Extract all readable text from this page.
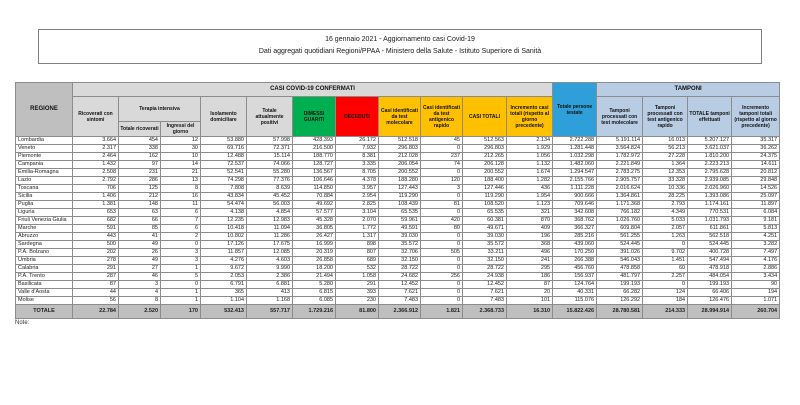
16 gennaio 2021 - Aggiornamento casi Covid-19
Dati aggregati quotidiani Regioni/PPAA - Ministero della Salute - Istituto Superiore di Sanità
REGIONE	CASI COVID-19 CONFERMATI											Totale persone testate	TAMPONI			
	Ricoverati con sintomi	Terapia intensiva		Isolamento domiciliare	Totale attualmente positivi	DIMESSI GUARITI	DECEDUTI	Casi identificati da test molecolare	Casi identificati da test antigenico rapido	CASI TOTALI	Incremento casi totali (rispetto al giorno precedente)		Tamponi processati con test molecolare	Tamponi processati con test antigenico rapido	TOTALE tamponi effettuati	Incremento tamponi totali (rispetto al giorno precedente)
		Totale ricoverati	Ingressi del giorno													
Lombardia	3.664	454	12	53.880	57.998	428.393	26.172	512.518	45	512.563	2.134	2.722.288	5.191.114	16.013	5.207.127	35.317
Veneto	2.317	338	30	69.716	72.371	216.500	7.932	296.803	0	296.803	1.929	1.281.448	3.564.824	56.213	3.621.037	36.262
Piemonte	2.464	162	10	12.488	15.114	188.770	8.381	212.028	237	212.265	1.056	1.032.298	1.782.972	27.228	1.810.200	24.375
Campania	1.432	97	14	72.537	74.066	128.727	3.335	206.054	74	206.128	1.132	1.482.060	2.221.849	1.364	2.223.213	14.611
Emilia-Romagna	2.508	231	21	52.541	55.280	136.567	8.705	200.552	0	200.552	1.674	1.294.547	2.783.275	12.353	2.795.628	20.812
Lazio	2.792	286	13	74.298	77.376	106.646	4.378	188.280	120	188.400	1.282	2.155.766	2.905.757	33.328	2.939.085	29.848
Toscana	706	125	8	7.808	8.639	114.850	3.957	127.443	3	127.446	436	1.111.228	2.016.624	10.336	2.026.960	14.526
Sicilia	1.406	212	16	43.834	45.452	70.884	2.954	119.290	0	119.290	1.954	900.666	1.364.861	28.225	1.393.086	25.097
Puglia	1.381	148	11	54.474	56.003	49.692	2.825	108.439	81	108.520	1.123	709.646	1.171.368	2.793	1.174.161	11.897
Liguria	653	63	6	4.138	4.854	57.577	3.104	65.535	0	65.535	321	342.608	766.182	4.349	770.531	6.084
Friuli Venezia Giulia	682	66	7	12.235	12.983	45.328	2.070	59.961	420	60.381	870	368.762	1.026.760	5.033	1.031.793	9.181
Marche	591	85	6	10.418	11.094	36.805	1.772	49.591	80	49.671	409	366.327	609.804	2.057	611.861	5.813
Abruzzo	443	41	2	10.802	11.286	26.427	1.317	39.030	0	39.030	196	285.216	561.255	1.263	562.518	4.251
Sardegna	500	49	0	17.126	17.675	16.999	898	35.572	0	35.572	368	439.060	524.445	0	524.445	3.282
P.A. Bolzano	202	26	3	11.857	12.085	20.319	807	32.706	505	33.211	496	170.250	391.026	9.702	400.728	7.497
Umbria	278	49	3	4.276	4.603	26.858	689	32.150	0	32.150	241	266.388	546.043	1.451	547.494	4.176
Calabria	291	27	1	9.672	9.990	18.200	532	28.722	0	28.722	295	456.760	478.858	60	478.918	2.886
P.A. Trento	287	46	5	2.053	2.386	21.494	1.058	24.682	256	24.938	186	156.937	481.797	2.257	484.054	3.434
Basilicata	87	3	0	6.791	6.881	5.280	291	12.452	0	12.452	87	124.764	199.193	0	199.193	90
Valle d'Aosta	44	4	1	365	413	6.815	393	7.621	0	7.621	20	40.331	66.282	124	66.406	194
Molise	56	8	1	1.104	1.168	6.085	230	7.483	0	7.483	101	115.076	126.292	184	126.476	1.071
TOTALE	22.784	2.520	170	532.413	557.717	1.729.216	81.800	2.366.912	1.821	2.368.733	16.310	15.822.426	28.780.581	214.333	28.994.914	260.704
Note:
